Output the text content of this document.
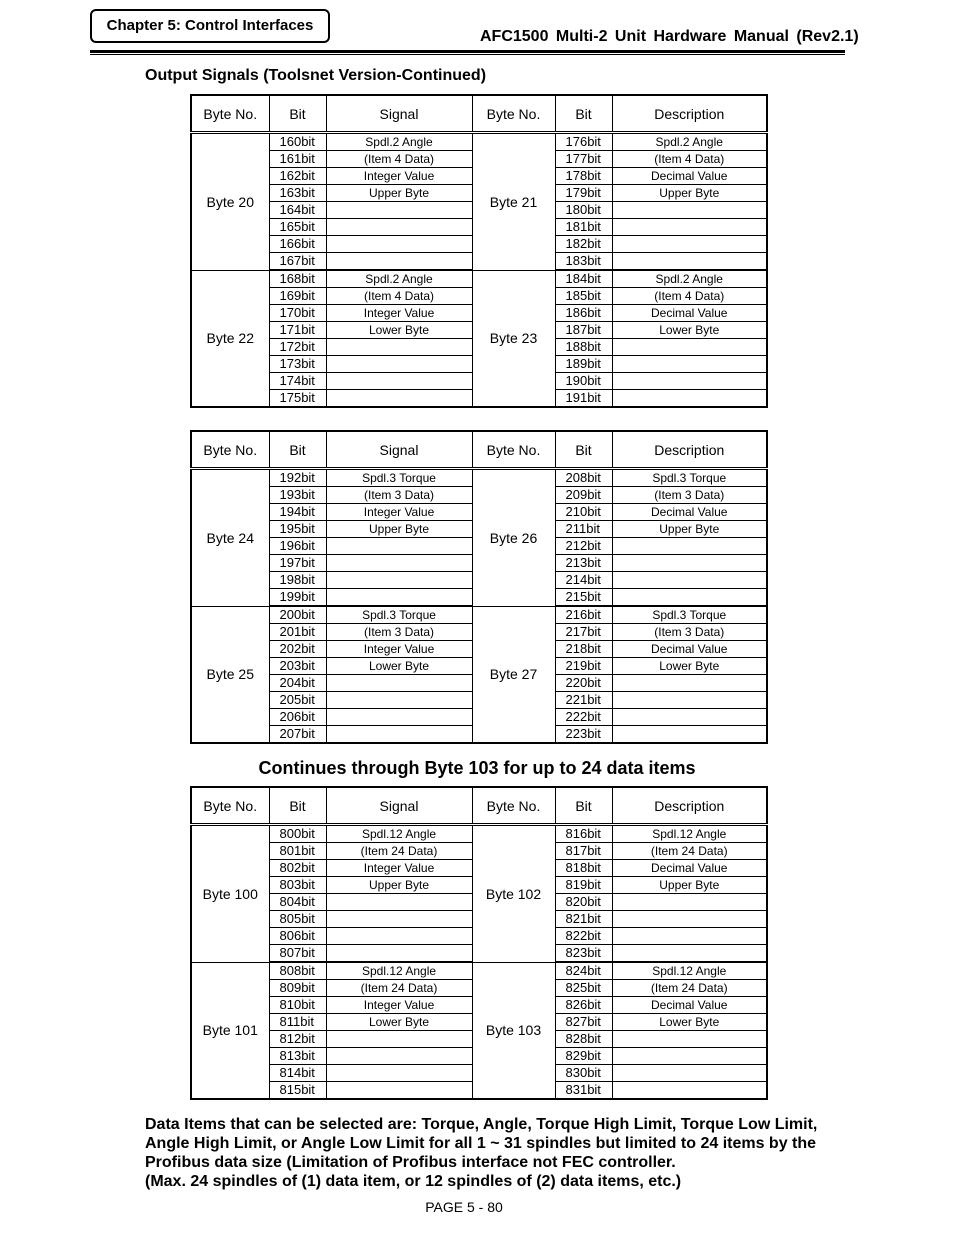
Chapter 5: Control Interfaces
AFC1500 Multi-2 Unit Hardware Manual (Rev2.1)
Output Signals (Toolsnet Version-Continued)
Byte No.	Bit	Signal	Byte No.	Bit	Description
Byte 20	160bit	Spdl.2 Angle	Byte 21	176bit	Spdl.2 Angle
	161bit	(Item 4 Data)		177bit	(Item 4 Data)
	162bit	Integer Value		178bit	Decimal Value
	163bit	Upper Byte		179bit	Upper Byte
	164bit			180bit	
	165bit			181bit	
	166bit			182bit	
	167bit			183bit	
Byte 22	168bit	Spdl.2 Angle	Byte 23	184bit	Spdl.2 Angle
	169bit	(Item 4 Data)		185bit	(Item 4 Data)
	170bit	Integer Value		186bit	Decimal Value
	171bit	Lower Byte		187bit	Lower Byte
	172bit			188bit	
	173bit			189bit	
	174bit			190bit	
	175bit			191bit	
Byte No.	Bit	Signal	Byte No.	Bit	Description
Byte 24	192bit	Spdl.3 Torque	Byte 26	208bit	Spdl.3 Torque
	193bit	(Item 3 Data)		209bit	(Item 3 Data)
	194bit	Integer Value		210bit	Decimal Value
	195bit	Upper Byte		211bit	Upper Byte
	196bit			212bit	
	197bit			213bit	
	198bit			214bit	
	199bit			215bit	
Byte 25	200bit	Spdl.3 Torque	Byte 27	216bit	Spdl.3 Torque
	201bit	(Item 3 Data)		217bit	(Item 3 Data)
	202bit	Integer Value		218bit	Decimal Value
	203bit	Lower Byte		219bit	Lower Byte
	204bit			220bit	
	205bit			221bit	
	206bit			222bit	
	207bit			223bit	
Continues through Byte 103 for up to 24 data items
Byte No.	Bit	Signal	Byte No.	Bit	Description
Byte 100	800bit	Spdl.12 Angle	Byte 102	816bit	Spdl.12 Angle
	801bit	(Item 24 Data)		817bit	(Item 24 Data)
	802bit	Integer Value		818bit	Decimal Value
	803bit	Upper Byte		819bit	Upper Byte
	804bit			820bit	
	805bit			821bit	
	806bit			822bit	
	807bit			823bit	
Byte 101	808bit	Spdl.12 Angle	Byte 103	824bit	Spdl.12 Angle
	809bit	(Item 24 Data)		825bit	(Item 24 Data)
	810bit	Integer Value		826bit	Decimal Value
	811bit	Lower Byte		827bit	Lower Byte
	812bit			828bit	
	813bit			829bit	
	814bit			830bit	
	815bit			831bit	
Data Items that can be selected are: Torque, Angle, Torque High Limit, Torque Low Limit,
Angle High Limit, or Angle Low Limit for all 1 ~ 31 spindles but limited to 24 items by the
Profibus data size (Limitation of Profibus interface not FEC controller.
(Max. 24 spindles of (1) data item, or 12 spindles of (2) data items, etc.)
PAGE 5 - 80
